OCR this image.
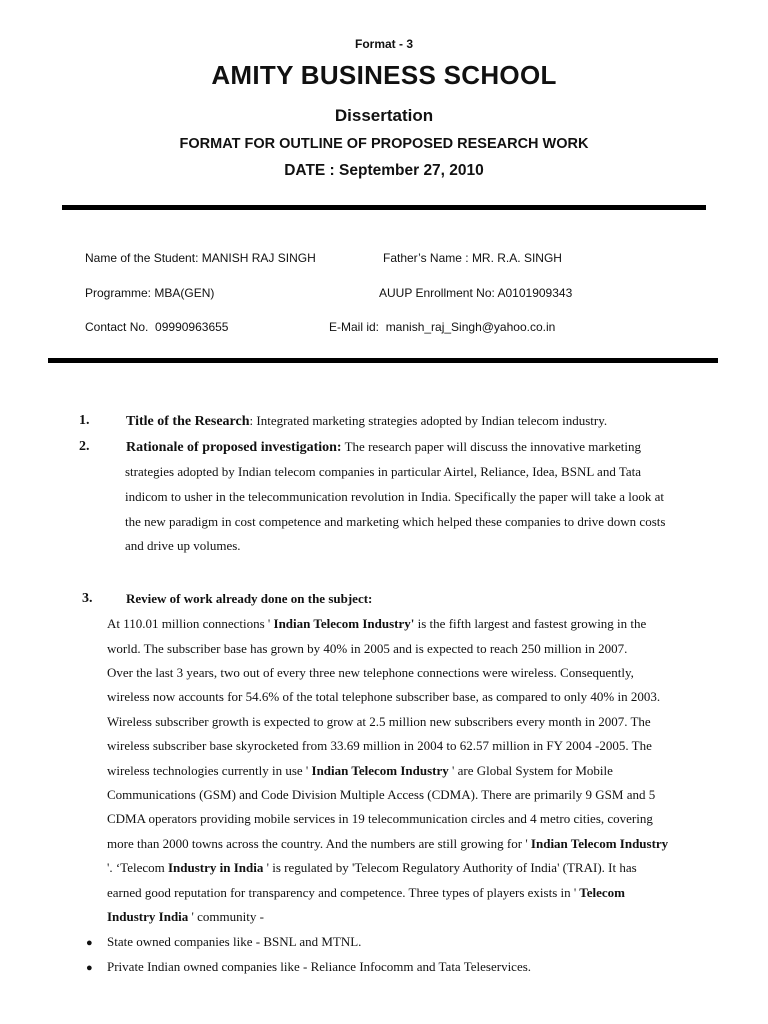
Format - 3
AMITY BUSINESS SCHOOL
Dissertation
FORMAT FOR OUTLINE OF PROPOSED RESEARCH WORK
DATE : September 27, 2010
Name of the Student: MANISH RAJ SINGH	Father’s Name : MR. R.A. SINGH
Programme: MBA(GEN)	AUUP Enrollment No: A0101909343
Contact No. 09990963655	E-Mail id: manish_raj_Singh@yahoo.co.in
1.	Title of the Research: Integrated marketing strategies adopted by Indian telecom industry.
2.	Rationale of proposed investigation: The research paper will discuss the innovative marketing
strategies adopted by Indian telecom companies in particular Airtel, Reliance, Idea, BSNL and Tata
indicom to usher in the telecommunication revolution in India. Specifically the paper will take a look at
the new paradigm in cost competence and marketing which helped these companies to drive down costs
and drive up volumes.
3.	Review of work already done on the subject:
At 110.01 million connections ' Indian Telecom Industry' is the fifth largest and fastest growing in the
world. The subscriber base has grown by 40% in 2005 and is expected to reach 250 million in 2007.
Over the last 3 years, two out of every three new telephone connections were wireless. Consequently,
wireless now accounts for 54.6% of the total telephone subscriber base, as compared to only 40% in 2003.
Wireless subscriber growth is expected to grow at 2.5 million new subscribers every month in 2007. The
wireless subscriber base skyrocketed from 33.69 million in 2004 to 62.57 million in FY 2004 -2005. The
wireless technologies currently in use ' Indian Telecom Industry ' are Global System for Mobile
Communications (GSM) and Code Division Multiple Access (CDMA). There are primarily 9 GSM and 5
CDMA operators providing mobile services in 19 telecommunication circles and 4 metro cities, covering
more than 2000 towns across the country. And the numbers are still growing for ' Indian Telecom Industry
'. ‘Telecom Industry in India ' is regulated by 'Telecom Regulatory Authority of India' (TRAI). It has
earned good reputation for transparency and competence. Three types of players exists in ' Telecom
Industry India ' community -
● State owned companies like - BSNL and MTNL.
● Private Indian owned companies like - Reliance Infocomm and Tata Teleservices.
